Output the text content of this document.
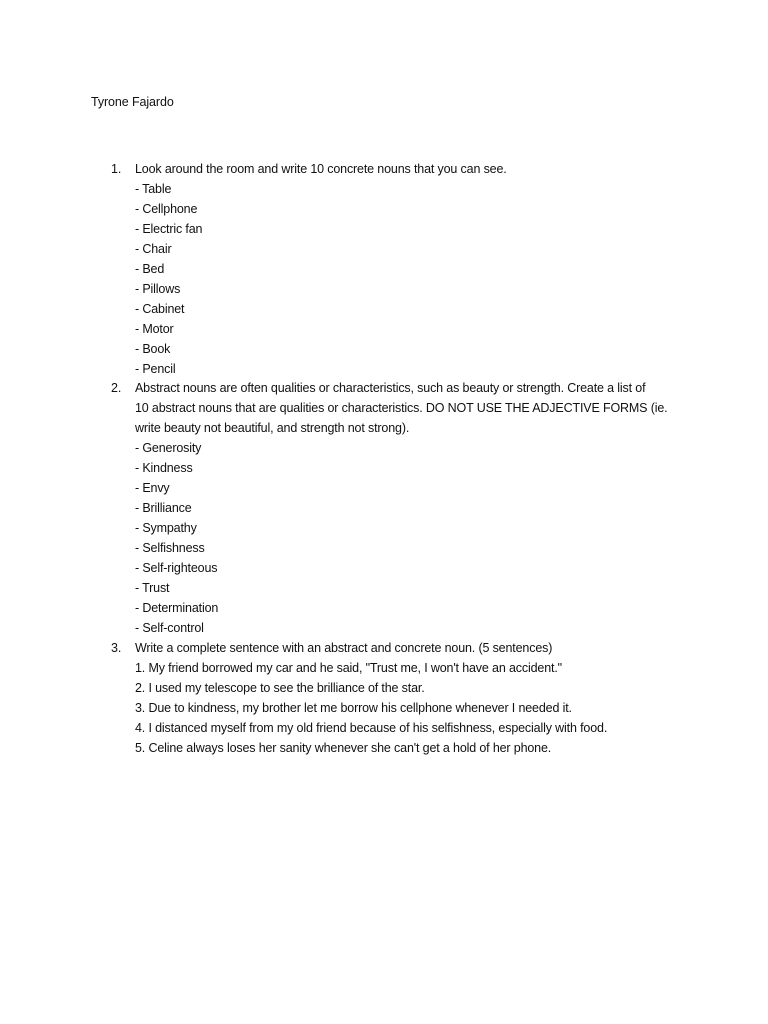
Tyrone Fajardo
1. Look around the room and write 10 concrete nouns that you can see.
- Table
- Cellphone
- Electric fan
- Chair
- Bed
- Pillows
- Cabinet
- Motor
- Book
- Pencil
2. Abstract nouns are often qualities or characteristics, such as beauty or strength. Create a list of
10 abstract nouns that are qualities or characteristics. DO NOT USE THE ADJECTIVE FORMS (ie.
write beauty not beautiful, and strength not strong).
- Generosity
- Kindness
- Envy
- Brilliance
- Sympathy
- Selfishness
- Self-righteous
- Trust
- Determination
- Self-control
3. Write a complete sentence with an abstract and concrete noun. (5 sentences)
1. My friend borrowed my car and he said, "Trust me, I won't have an accident."
2. I used my telescope to see the brilliance of the star.
3. Due to kindness, my brother let me borrow his cellphone whenever I needed it.
4. I distanced myself from my old friend because of his selfishness, especially with food.
5. Celine always loses her sanity whenever she can't get a hold of her phone.
